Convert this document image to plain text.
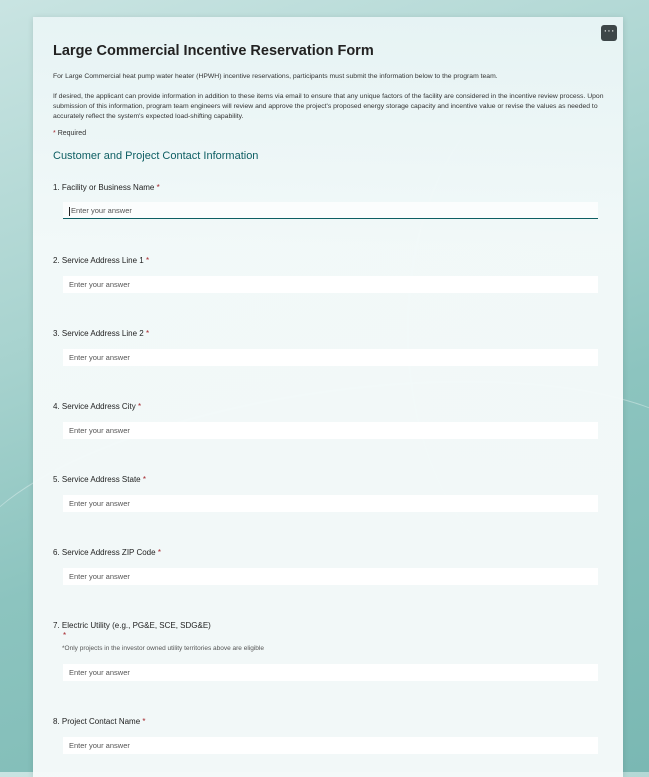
···
Large Commercial Incentive Reservation Form
For Large Commercial heat pump water heater (HPWH) incentive reservations, participants must submit the information below to the program team.
If desired, the applicant can provide information in addition to these items via email to ensure that any unique factors of the facility are considered in the incentive review process. Upon submission of this information, program team engineers will review and approve the project's proposed energy storage capacity and incentive value or revise the values as needed to accurately reflect the system's expected load-shifting capability.
* Required
Customer and Project Contact Information
1. Facility or Business Name *
Enter your answer
2. Service Address Line 1 *
Enter your answer
3. Service Address Line 2 *
Enter your answer
4. Service Address City *
Enter your answer
5. Service Address State *
Enter your answer
6. Service Address ZIP Code *
Enter your answer
7. Electric Utility (e.g., PG&E, SCE, SDG&E)
*
*Only projects in the investor owned utility territories above are eligible
Enter your answer
8. Project Contact Name *
Enter your answer
